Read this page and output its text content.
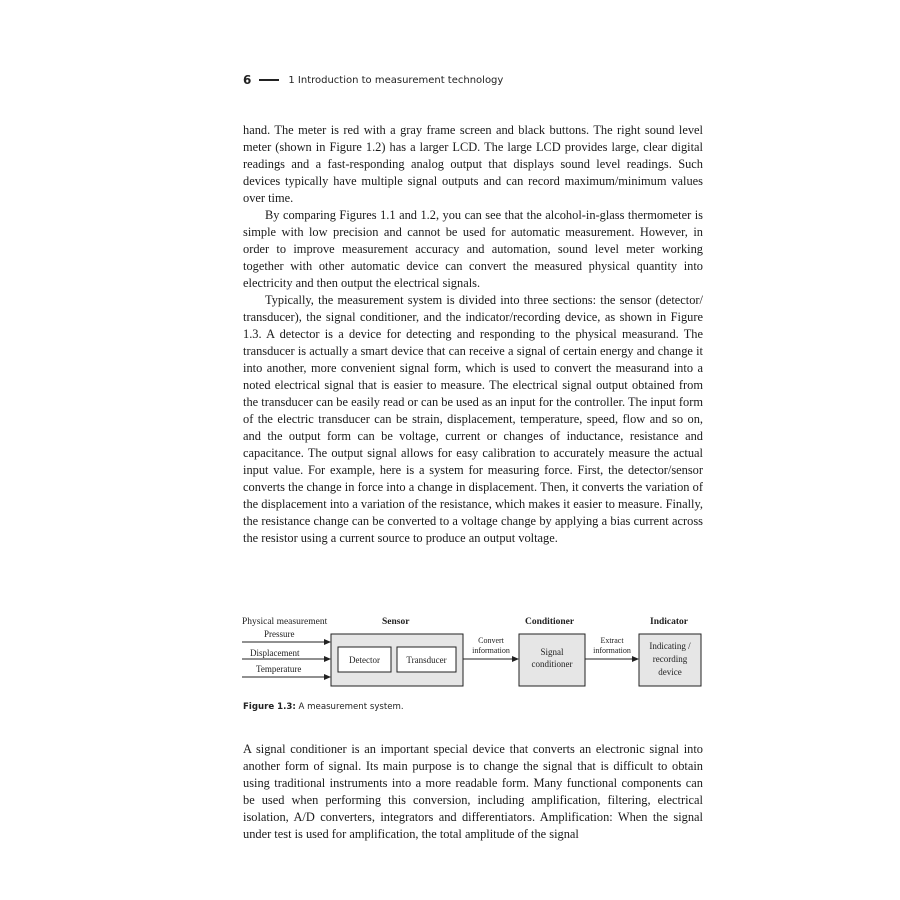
6	1 Introduction to measurement technology

hand. The meter is red with a gray frame screen and black buttons. The right sound level meter (shown in Figure 1.2) has a larger LCD. The large LCD provides large, clear digital readings and a fast-responding analog output that displays sound level readings. Such devices typically have multiple signal outputs and can record maximum/minimum values over time.

By comparing Figures 1.1 and 1.2, you can see that the alcohol-in-glass thermometer is simple with low precision and cannot be used for automatic measurement. However, in order to improve measurement accuracy and automation, sound level meter working together with other automatic device can convert the measured physical quantity into electricity and then output the electrical signals.

Typically, the measurement system is divided into three sections: the sensor (detector/ transducer), the signal conditioner, and the indicator/recording device, as shown in Figure 1.3. A detector is a device for detecting and responding to the physical measurand. The transducer is actually a smart device that can receive a signal of certain energy and change it into another, more convenient signal form, which is used to convert the measurand into a noted electrical signal that is easier to measure. The electrical signal output obtained from the transducer can be easily read or can be used as an input for the controller. The input form of the electric transducer can be strain, displacement, temperature, speed, flow and so on, and the output form can be voltage, current or changes of inductance, resistance and capacitance. The output signal allows for easy calibration to accurately measure the actual input value. For example, here is a system for measuring force. First, the detector/sensor converts the change in force into a change in displacement. Then, it converts the variation of the displacement into a variation of the resistance, which makes it easier to measure. Finally, the resistance change can be converted to a voltage change by applying a bias current across the resistor using a current source to produce an output voltage.

Physical measurement	Sensor	Conditioner	Indicator
Pressure
Displacement
Temperature
Detector	Transducer
Convert
information	Signal
conditioner
Extract
information Indicating /
recording
device
Figure 1.3: A measurement system.

A signal conditioner is an important special device that converts an electronic signal into another form of signal. Its main purpose is to change the signal that is difficult to obtain using traditional instruments into a more readable form. Many functional components can be used when performing this conversion, including amplification, filtering, electrical isolation, A/D converters, integrators and differentiators. Amplification: When the signal under test is used for amplification, the total amplitude of the signal
